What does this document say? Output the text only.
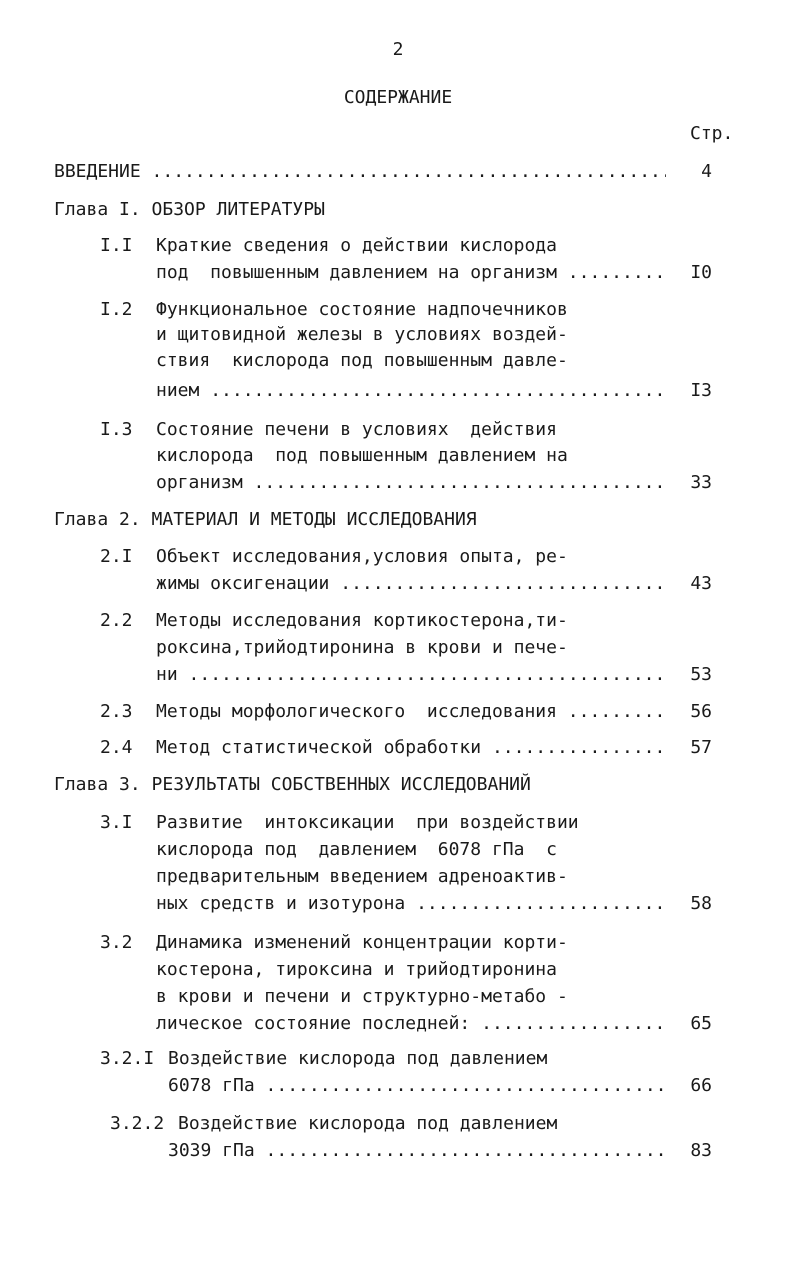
2
СОДЕРЖАНИЕ
Стр.
ВВЕДЕНИЕ .....	4
Глава I. ОБЗОР ЛИТЕРАТУРЫ
I.I Краткие сведения о действии кислорода
под  повышенным давлением на организм .....	I0
I.2 Функциональное состояние надпочечников
и щитовидной железы в условиях воздей-
ствия  кислорода под повышенным давле-
нием .....	I3
I.3 Состояние печени в условиях  действия
кислорода  под повышенным давлением на
организм .....	33
Глава 2. МАТЕРИАЛ И МЕТОДЫ ИССЛЕДОВАНИЯ
2.I Объект исследования,условия опыта, ре-
жимы оксигенации .....	43
2.2 Методы исследования кортикостерона,ти-
роксина,трийодтиронина в крови и пече-
ни .....	53
2.3 Методы морфологического  исследования .....	56
2.4 Метод статистической обработки .....	57
Глава 3. РЕЗУЛЬТАТЫ СОБСТВЕННЫХ ИССЛЕДОВАНИЙ
3.I Развитие  интоксикации  при воздействии
кислорода под  давлением  6078 гПа  с
предварительным введением адреноактив-
ных средств и изотурона .....	58
3.2 Динамика изменений концентрации корти-
костерона, тироксина и трийодтиронина
в крови и печени и структурно-метабо -
лическое состояние последней: .....	65
3.2.I Воздействие кислорода под давлением
6078 гПа .....	66
3.2.2 Воздействие кислорода под давлением
3039 гПа .....	83
